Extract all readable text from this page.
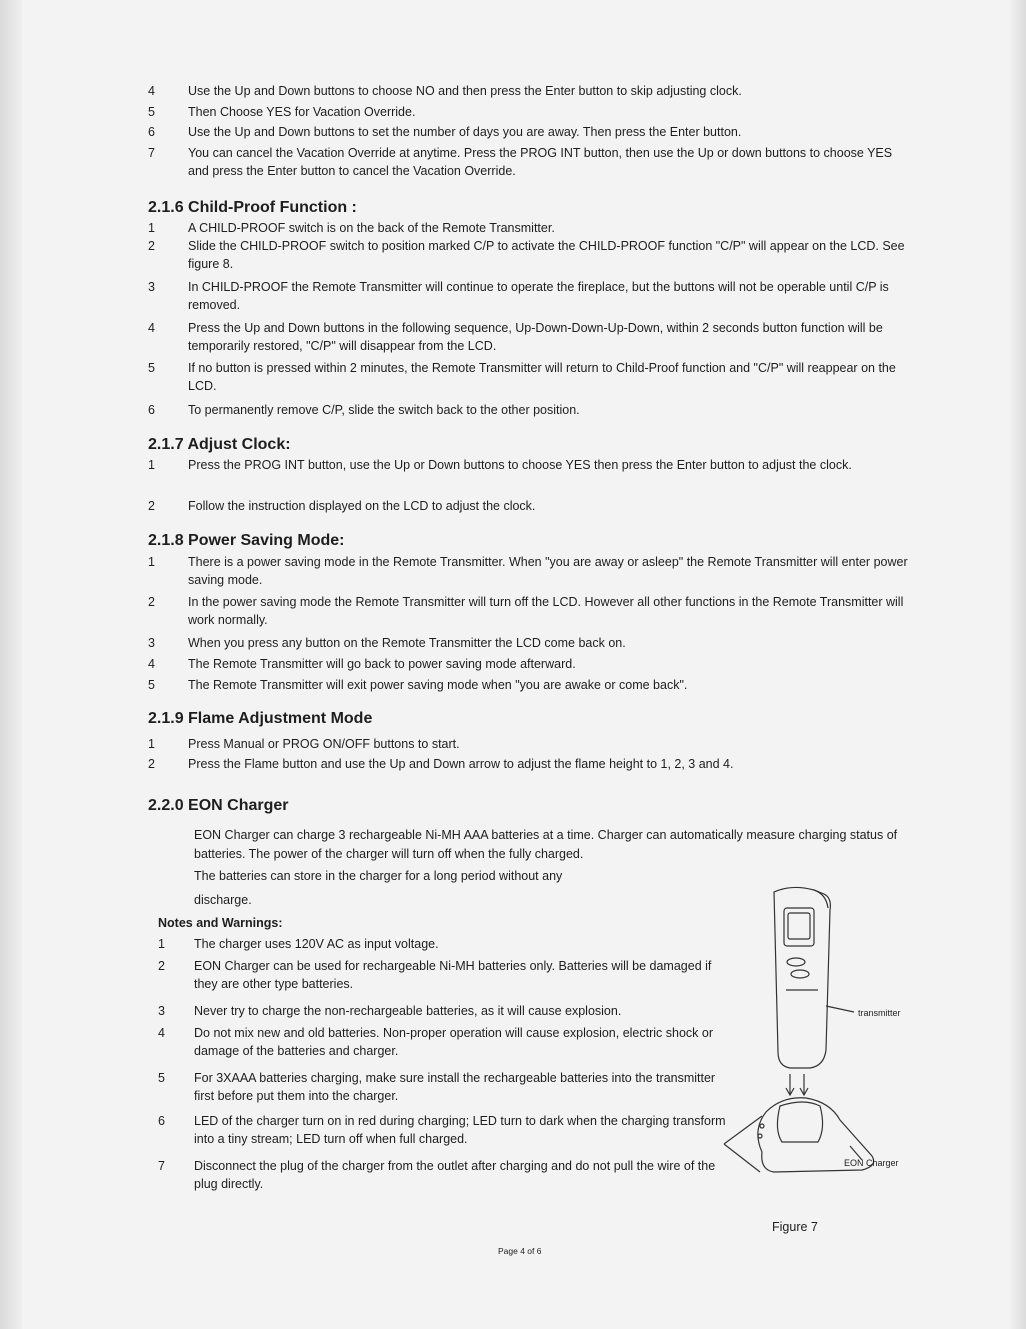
4	Use the Up and Down buttons to choose NO and then press the Enter button to skip adjusting clock.
5	Then Choose YES for Vacation Override.
6	Use the Up and Down buttons to set the number of days you are away. Then press the Enter button.
7	You can cancel the Vacation Override at anytime. Press the PROG INT button, then use the Up or down buttons to choose YES and press the Enter button to cancel the Vacation Override.
2.1.6 Child-Proof Function :
1	A CHILD-PROOF switch is on the back of the Remote Transmitter.
2	Slide the CHILD-PROOF switch to position marked C/P to activate the CHILD-PROOF function "C/P" will appear on the LCD. See figure 8.
3	In CHILD-PROOF the Remote Transmitter will continue to operate the fireplace, but the buttons will not be operable until C/P is removed.
4	Press the Up and Down buttons in the following sequence, Up-Down-Down-Up-Down, within 2 seconds button function will be temporarily restored, "C/P" will disappear from the LCD.
5	If no button is pressed within 2 minutes, the Remote Transmitter will return to Child-Proof function and "C/P" will reappear on the LCD.
6	To permanently remove C/P, slide the switch back to the other position.
2.1.7 Adjust Clock:
1	Press the PROG INT button, use the Up or Down buttons to choose YES then press the Enter button to adjust the clock.
2	Follow the instruction displayed on the LCD to adjust the clock.
2.1.8 Power Saving Mode:
1	There is a power saving mode in the Remote Transmitter. When "you are away or asleep" the Remote Transmitter will enter power saving mode.
2	In the power saving mode the Remote Transmitter will turn off the LCD. However all other functions in the Remote Transmitter will work normally.
3	When you press any button on the Remote Transmitter the LCD come back on.
4	The Remote Transmitter will go back to power saving mode afterward.
5	The Remote Transmitter will exit power saving mode when "you are awake or come back".
2.1.9 Flame Adjustment Mode
1	Press Manual or PROG ON/OFF buttons to start.
2	Press the Flame button and use the Up and Down arrow to adjust the flame height to 1, 2, 3 and 4.
2.2.0 EON Charger
EON Charger can charge 3 rechargeable Ni-MH AAA batteries at a time. Charger can automatically measure charging status of batteries. The power of the charger will turn off when the fully charged.
The batteries can store in the charger for a long period without any
discharge.
Notes and Warnings:
1	The charger uses 120V AC as input voltage.
2	EON Charger can be used for rechargeable Ni-MH batteries only. Batteries will be damaged if they are other type batteries.
3	Never try to charge the non-rechargeable batteries, as it will cause explosion.
4	Do not mix new and old batteries. Non-proper operation will cause explosion, electric shock or damage of the batteries and charger.
5	For 3XAAA batteries charging, make sure install the rechargeable batteries into the transmitter first before put them into the charger.
6	LED of the charger turn on in red during charging; LED turn to dark when the charging transform into a tiny stream; LED turn off when full charged.
7	Disconnect the plug of the charger from the outlet after charging and do not pull the wire of the plug directly.
transmitter
EON Charger
Figure 7
Page 4 of 6
